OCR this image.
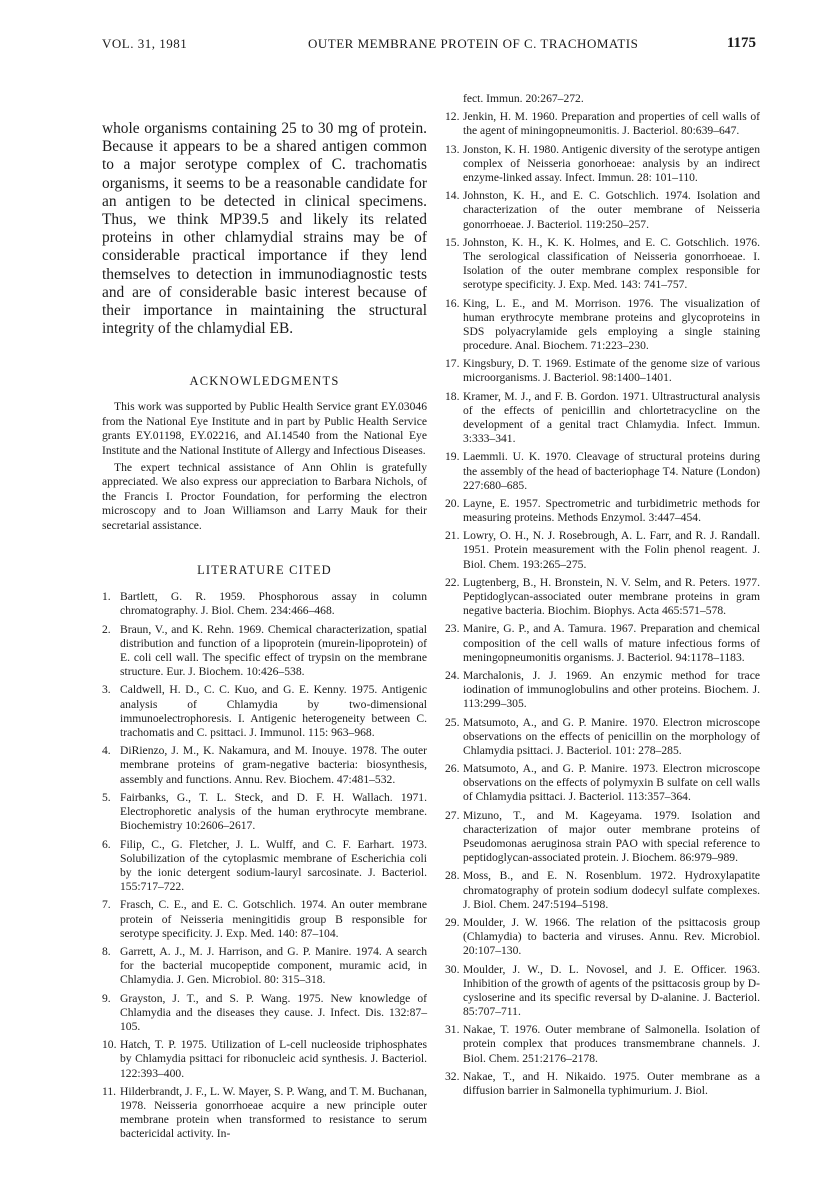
VOL. 31, 1981	OUTER MEMBRANE PROTEIN OF C. TRACHOMATIS	1175

whole organisms containing 25 to 30 mg of protein. Because it appears to be a shared antigen common to a major serotype complex of C. trachomatis organisms, it seems to be a reasonable candidate for an antigen to be detected in clinical specimens. Thus, we think MP39.5 and likely its related proteins in other chlamydial strains may be of considerable practical importance if they lend themselves to detection in immunodiagnostic tests and are of considerable basic interest because of their importance in maintaining the structural integrity of the chlamydial EB.

ACKNOWLEDGMENTS

This work was supported by Public Health Service grant EY.03046 from the National Eye Institute and in part by Public Health Service grants EY.01198, EY.02216, and AI.14540 from the National Eye Institute and the National Institute of Allergy and Infectious Diseases.

The expert technical assistance of Ann Ohlin is gratefully appreciated. We also express our appreciation to Barbara Nichols, of the Francis I. Proctor Foundation, for performing the electron microscopy and to Joan Williamson and Larry Mauk for their secretarial assistance.

LITERATURE CITED

1. Bartlett, G. R. 1959. Phosphorous assay in column chromatography. J. Biol. Chem. 234:466–468.

2. Braun, V., and K. Rehn. 1969. Chemical characterization, spatial distribution and function of a lipoprotein (murein-lipoprotein) of E. coli cell wall. The specific effect of trypsin on the membrane structure. Eur. J. Biochem. 10:426–538.

3. Caldwell, H. D., C. C. Kuo, and G. E. Kenny. 1975. Antigenic analysis of Chlamydia by two-dimensional immunoelectrophoresis. I. Antigenic heterogeneity between C. trachomatis and C. psittaci. J. Immunol. 115: 963–968.

4. DiRienzo, J. M., K. Nakamura, and M. Inouye. 1978. The outer membrane proteins of gram-negative bacteria: biosynthesis, assembly and functions. Annu. Rev. Biochem. 47:481–532.

5. Fairbanks, G., T. L. Steck, and D. F. H. Wallach. 1971. Electrophoretic analysis of the human erythrocyte membrane. Biochemistry 10:2606–2617.

6. Filip, C., G. Fletcher, J. L. Wulff, and C. F. Earhart. 1973. Solubilization of the cytoplasmic membrane of Escherichia coli by the ionic detergent sodium-lauryl sarcosinate. J. Bacteriol. 155:717–722.

7. Frasch, C. E., and E. C. Gotschlich. 1974. An outer membrane protein of Neisseria meningitidis group B responsible for serotype specificity. J. Exp. Med. 140: 87–104.

8. Garrett, A. J., M. J. Harrison, and G. P. Manire. 1974. A search for the bacterial mucopeptide component, muramic acid, in Chlamydia. J. Gen. Microbiol. 80: 315–318.

9. Grayston, J. T., and S. P. Wang. 1975. New knowledge of Chlamydia and the diseases they cause. J. Infect. Dis. 132:87–105.

10. Hatch, T. P. 1975. Utilization of L-cell nucleoside triphosphates by Chlamydia psittaci for ribonucleic acid synthesis. J. Bacteriol. 122:393–400.

11. Hilderbrandt, J. F., L. W. Mayer, S. P. Wang, and T. M. Buchanan, 1978. Neisseria gonorrhoeae acquire a new principle outer membrane protein when transformed to resistance to serum bactericidal activity. In-

fect. Immun. 20:267–272.

12. Jenkin, H. M. 1960. Preparation and properties of cell walls of the agent of miningopneumonitis. J. Bacteriol. 80:639–647.

13. Jonston, K. H. 1980. Antigenic diversity of the serotype antigen complex of Neisseria gonorhoeae: analysis by an indirect enzyme-linked assay. Infect. Immun. 28: 101–110.

14. Johnston, K. H., and E. C. Gotschlich. 1974. Isolation and characterization of the outer membrane of Neisseria gonorrhoeae. J. Bacteriol. 119:250–257.

15. Johnston, K. H., K. K. Holmes, and E. C. Gotschlich. 1976. The serological classification of Neisseria gonorrhoeae. I. Isolation of the outer membrane complex responsible for serotype specificity. J. Exp. Med. 143: 741–757.

16. King, L. E., and M. Morrison. 1976. The visualization of human erythrocyte membrane proteins and glycoproteins in SDS polyacrylamide gels employing a single staining procedure. Anal. Biochem. 71:223–230.

17. Kingsbury, D. T. 1969. Estimate of the genome size of various microorganisms. J. Bacteriol. 98:1400–1401.

18. Kramer, M. J., and F. B. Gordon. 1971. Ultrastructural analysis of the effects of penicillin and chlortetracycline on the development of a genital tract Chlamydia. Infect. Immun. 3:333–341.

19. Laemmli. U. K. 1970. Cleavage of structural proteins during the assembly of the head of bacteriophage T4. Nature (London) 227:680–685.

20. Layne, E. 1957. Spectrometric and turbidimetric methods for measuring proteins. Methods Enzymol. 3:447–454.

21. Lowry, O. H., N. J. Rosebrough, A. L. Farr, and R. J. Randall. 1951. Protein measurement with the Folin phenol reagent. J. Biol. Chem. 193:265–275.

22. Lugtenberg, B., H. Bronstein, N. V. Selm, and R. Peters. 1977. Peptidoglycan-associated outer membrane proteins in gram negative bacteria. Biochim. Biophys. Acta 465:571–578.

23. Manire, G. P., and A. Tamura. 1967. Preparation and chemical composition of the cell walls of mature infectious forms of meningopneumonitis organisms. J. Bacteriol. 94:1178–1183.

24. Marchalonis, J. J. 1969. An enzymic method for trace iodination of immunoglobulins and other proteins. Biochem. J. 113:299–305.

25. Matsumoto, A., and G. P. Manire. 1970. Electron microscope observations on the effects of penicillin on the morphology of Chlamydia psittaci. J. Bacteriol. 101: 278–285.

26. Matsumoto, A., and G. P. Manire. 1973. Electron microscope observations on the effects of polymyxin B sulfate on cell walls of Chlamydia psittaci. J. Bacteriol. 113:357–364.

27. Mizuno, T., and M. Kageyama. 1979. Isolation and characterization of major outer membrane proteins of Pseudomonas aeruginosa strain PAO with special reference to peptidoglycan-associated protein. J. Biochem. 86:979–989.

28. Moss, B., and E. N. Rosenblum. 1972. Hydroxylapatite chromatography of protein sodium dodecyl sulfate complexes. J. Biol. Chem. 247:5194–5198.

29. Moulder, J. W. 1966. The relation of the psittacosis group (Chlamydia) to bacteria and viruses. Annu. Rev. Microbiol. 20:107–130.

30. Moulder, J. W., D. L. Novosel, and J. E. Officer. 1963. Inhibition of the growth of agents of the psittacosis group by D-cysloserine and its specific reversal by D-alanine. J. Bacteriol. 85:707–711.

31. Nakae, T. 1976. Outer membrane of Salmonella. Isolation of protein complex that produces transmembrane channels. J. Biol. Chem. 251:2176–2178.

32. Nakae, T., and H. Nikaido. 1975. Outer membrane as a diffusion barrier in Salmonella typhimurium. J. Biol.
